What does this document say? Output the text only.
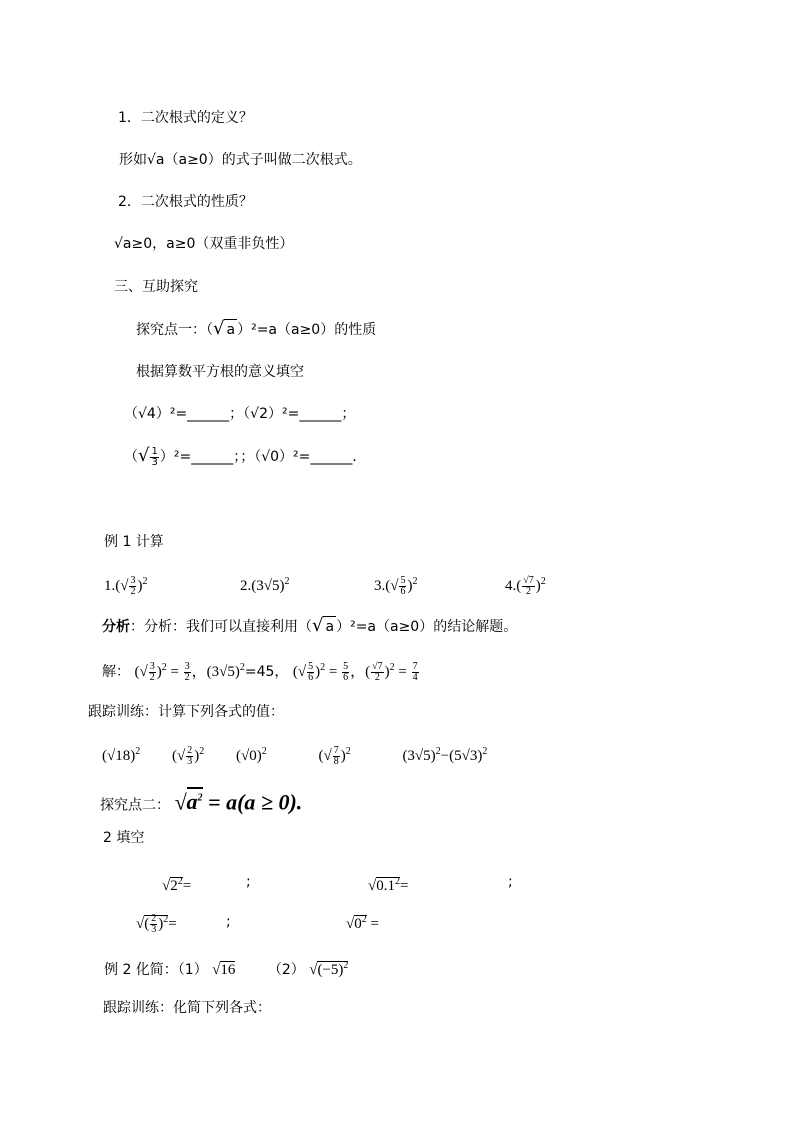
1．二次根式的定义？
形如√a（a≥0）的式子叫做二次根式。
2．二次根式的性质？
√a≥0，a≥0（双重非负性）
三、互助探究
探究点一：（√ a ）²=a（a≥0）的性质
根据算数平方根的意义填空
（√4）²=______；（√2）²=______；
（√ $\frac{1}{3}$ ）²=______；；（√0）²=______．
例 1 计算
$1.(√ \frac{3}{2} )^2$	$2.(3√5)^2$	$3.(√ \frac{5}{6} )^2$	$4.( \frac{√7}{2} )^2$
分析：分析：我们可以直接利用（√ a ）²=a（a≥0）的结论解题。
解： (√ $\frac{3}{2} )^2 = \frac{3}{2}$ ，$(3√5)^2=45$， (√ $\frac{5}{6} )^2 = \frac{5}{6}$ ，( $\frac{√7}{2} )^2 = \frac{7}{4}$
跟踪训练：计算下列各式的值：
$(√18)^2$ (√ $\frac{2}{3} )^2$ $(√0)^2$	(√ $\frac{7}{8} )^2$	$(3√5)^2-(5√3)^2$
探究点二： $√a^2 = a(a \ge 0)$.
2 填空
$√2^2=$	;	$√0.1^2=$	;
√( $\frac{2}{3} )^2=$	;	$√0^2$ =
例 2 化简：（1） √16 （2） $√(-5)^2$
跟踪训练：化简下列各式：
